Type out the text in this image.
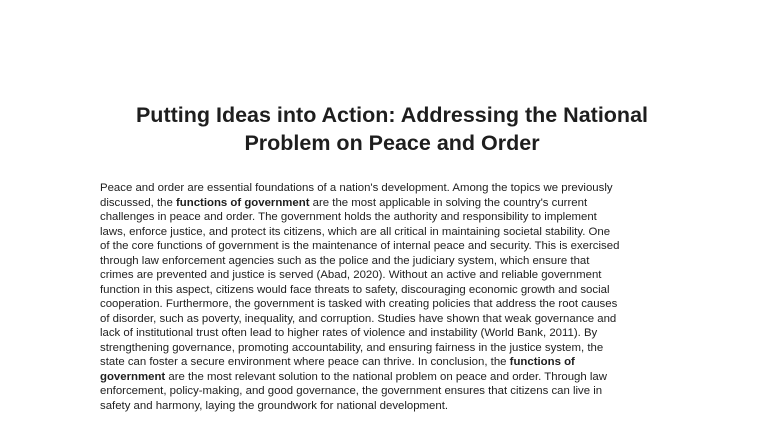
Putting Ideas into Action: Addressing the National
Problem on Peace and Order

Peace and order are essential foundations of a nation's development. Among the topics we previously
discussed, the functions of government are the most applicable in solving the country's current
challenges in peace and order. The government holds the authority and responsibility to implement
laws, enforce justice, and protect its citizens, which are all critical in maintaining societal stability. One
of the core functions of government is the maintenance of internal peace and security. This is exercised
through law enforcement agencies such as the police and the judiciary system, which ensure that
crimes are prevented and justice is served (Abad, 2020). Without an active and reliable government
function in this aspect, citizens would face threats to safety, discouraging economic growth and social
cooperation. Furthermore, the government is tasked with creating policies that address the root causes
of disorder, such as poverty, inequality, and corruption. Studies have shown that weak governance and
lack of institutional trust often lead to higher rates of violence and instability (World Bank, 2011). By
strengthening governance, promoting accountability, and ensuring fairness in the justice system, the
state can foster a secure environment where peace can thrive. In conclusion, the functions of
government are the most relevant solution to the national problem on peace and order. Through law
enforcement, policy-making, and good governance, the government ensures that citizens can live in
safety and harmony, laying the groundwork for national development.
